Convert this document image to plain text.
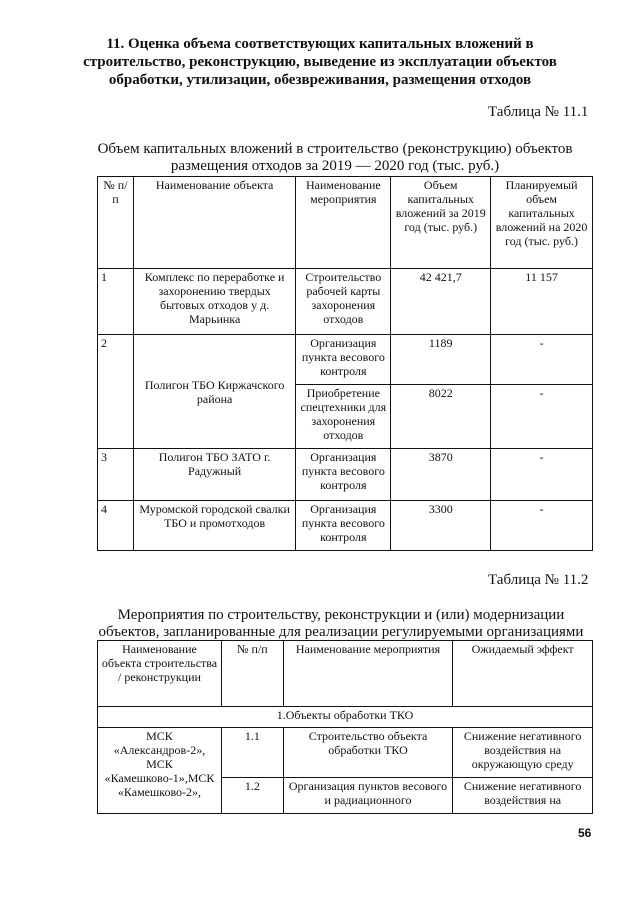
11. Оценка объема соответствующих капитальных вложений в строительство, реконструкцию, выведение из эксплуатации объектов обработки, утилизации, обезвреживания, размещения отходов
Таблица № 11.1
Объем капитальных вложений в строительство (реконструкцию) объектов размещения отходов за 2019 — 2020 год (тыс. руб.)
№ п/п	Наименование объекта	Наименование мероприятия	Объем капитальных вложений за 2019 год (тыс. руб.)	Планируемый объем капитальных вложений на 2020 год (тыс. руб.)
1	Комплекс по переработке и захоронению твердых бытовых отходов у д. Марьинка	Строительство рабочей карты захоронения отходов	42 421,7	11 157
2	Полигон ТБО Киржачского района	Организация пункта весового контроля	1189	-
		Приобретение спецтехники для захоронения отходов	8022	-
3	Полигон ТБО ЗАТО г. Радужный	Организация пункта весового контроля	3870	-
4	Муромской городской свалки ТБО и промотходов	Организация пункта весового контроля	3300	-
Таблица № 11.2
Мероприятия по строительству, реконструкции и (или) модернизации объектов, запланированные для реализации регулируемыми организациями
Наименование объекта строительства / реконструкции	№ п/п	Наименование мероприятия	Ожидаемый эффект
1.Объекты обработки ТКО			
МСК «Александров-2», МСК «Камешково-1»,МСК «Камешково-2»,	1.1	Строительство объекта обработки ТКО	Снижение негативного воздействия на окружающую среду
	1.2	Организация пунктов весового и радиационного	Снижение негативного воздействия на
56
